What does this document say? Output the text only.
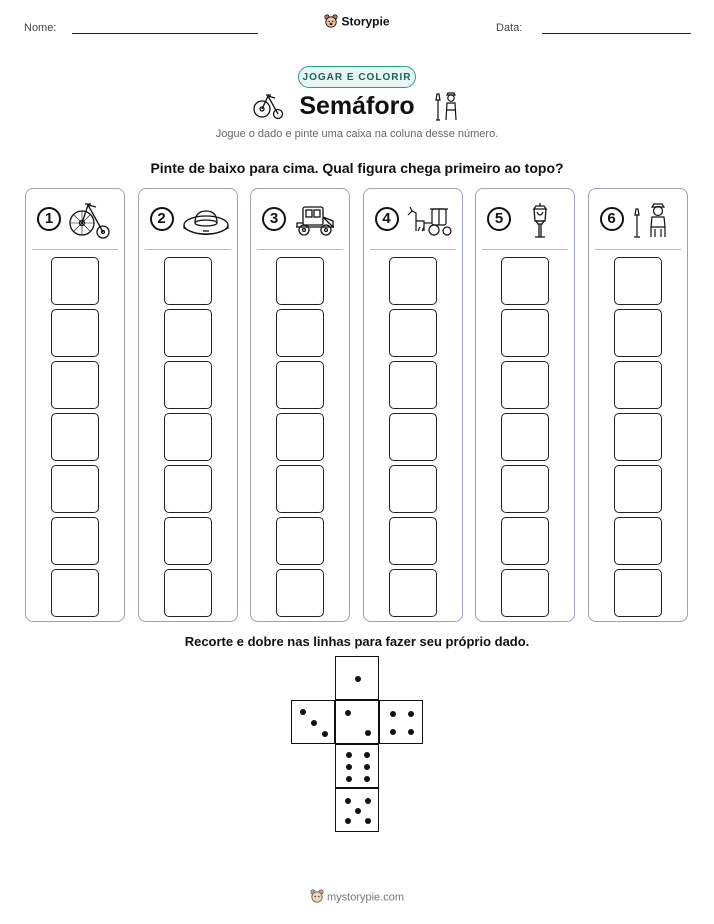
Nome:	Storypie	Data:
JOGAR E COLORIR
Semáforo
Jogue o dado e pinte uma caixa na coluna desse número.
Pinte de baixo para cima. Qual figura chega primeiro ao topo?
1	2	3	4	5	6
Recorte e dobre nas linhas para fazer seu próprio dado.
mystorypie.com
